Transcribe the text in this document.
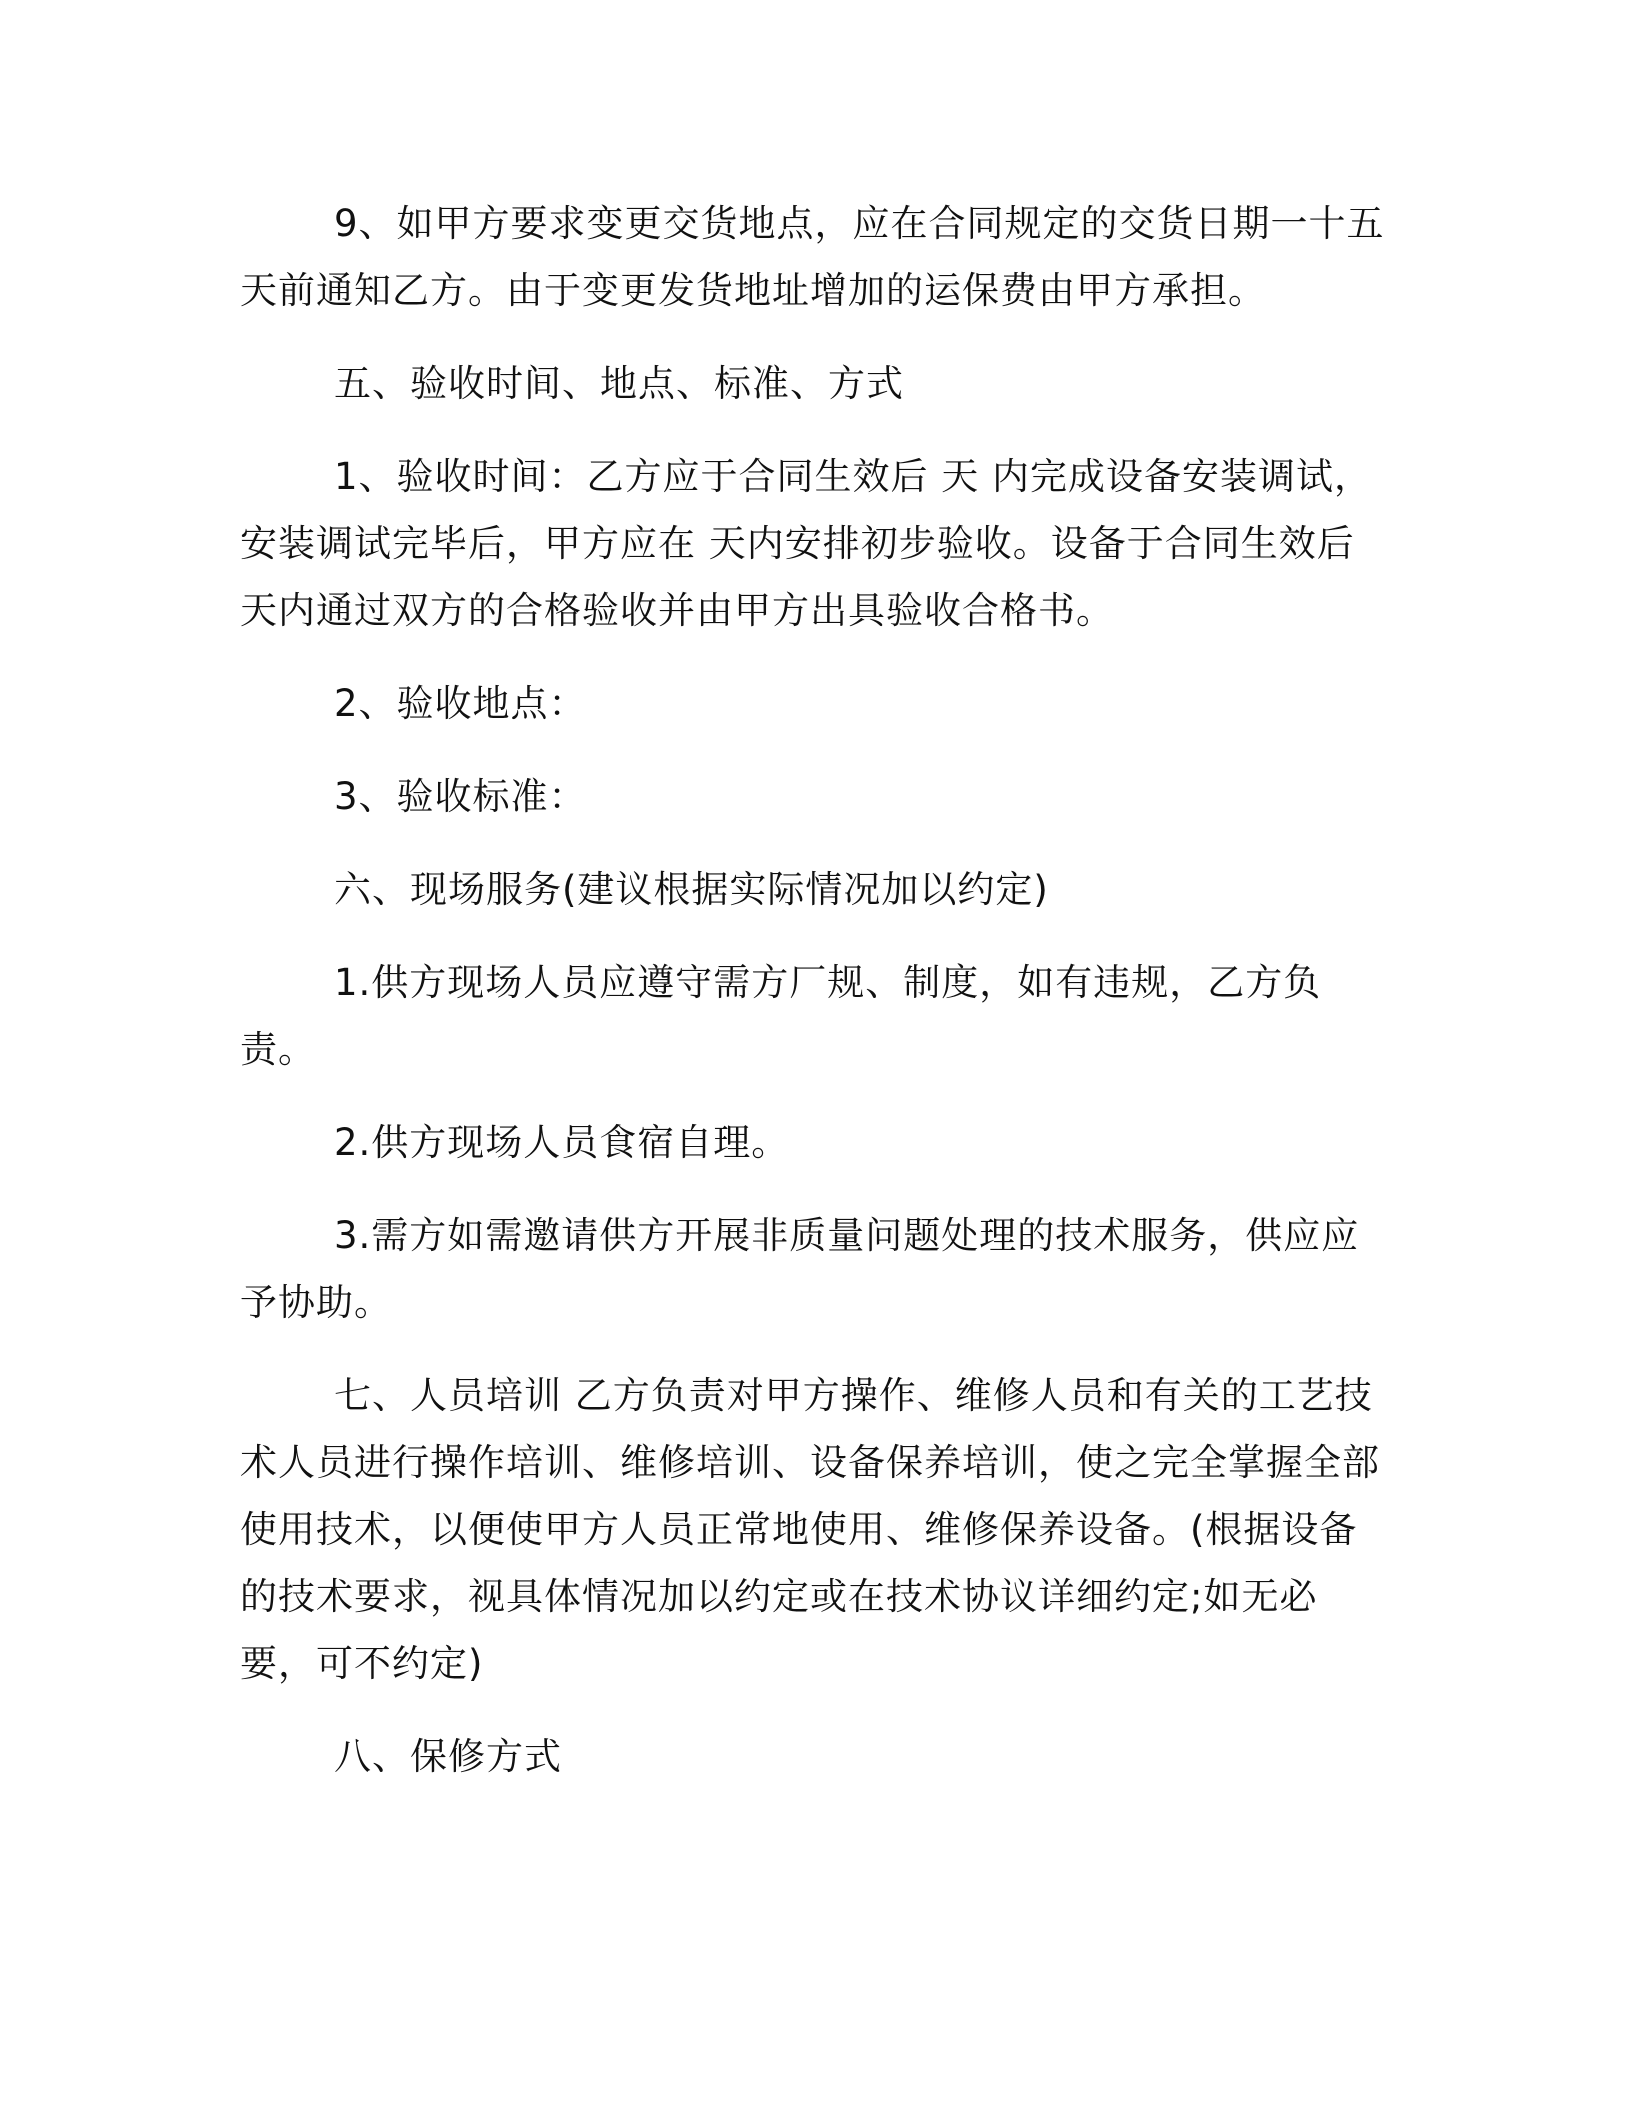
9、如甲方要求变更交货地点，应在合同规定的交货日期一十五天前通知乙方。由于变更发货地址增加的运保费由甲方承担。

五、验收时间、地点、标准、方式

1、验收时间：乙方应于合同生效后 天 内完成设备安装调试，安装调试完毕后，甲方应在 天内安排初步验收。设备于合同生效后 天内通过双方的合格验收并由甲方出具验收合格书。

2、验收地点：

3、验收标准：

六、现场服务(建议根据实际情况加以约定)

1.供方现场人员应遵守需方厂规、制度，如有违规，乙方负责。

2.供方现场人员食宿自理。

3.需方如需邀请供方开展非质量问题处理的技术服务，供应应予协助。

七、人员培训 乙方负责对甲方操作、维修人员和有关的工艺技术人员进行操作培训、维修培训、设备保养培训，使之完全掌握全部使用技术，以便使甲方人员正常地使用、维修保养设备。(根据设备的技术要求，视具体情况加以约定或在技术协议详细约定;如无必要，可不约定)

八、保修方式
